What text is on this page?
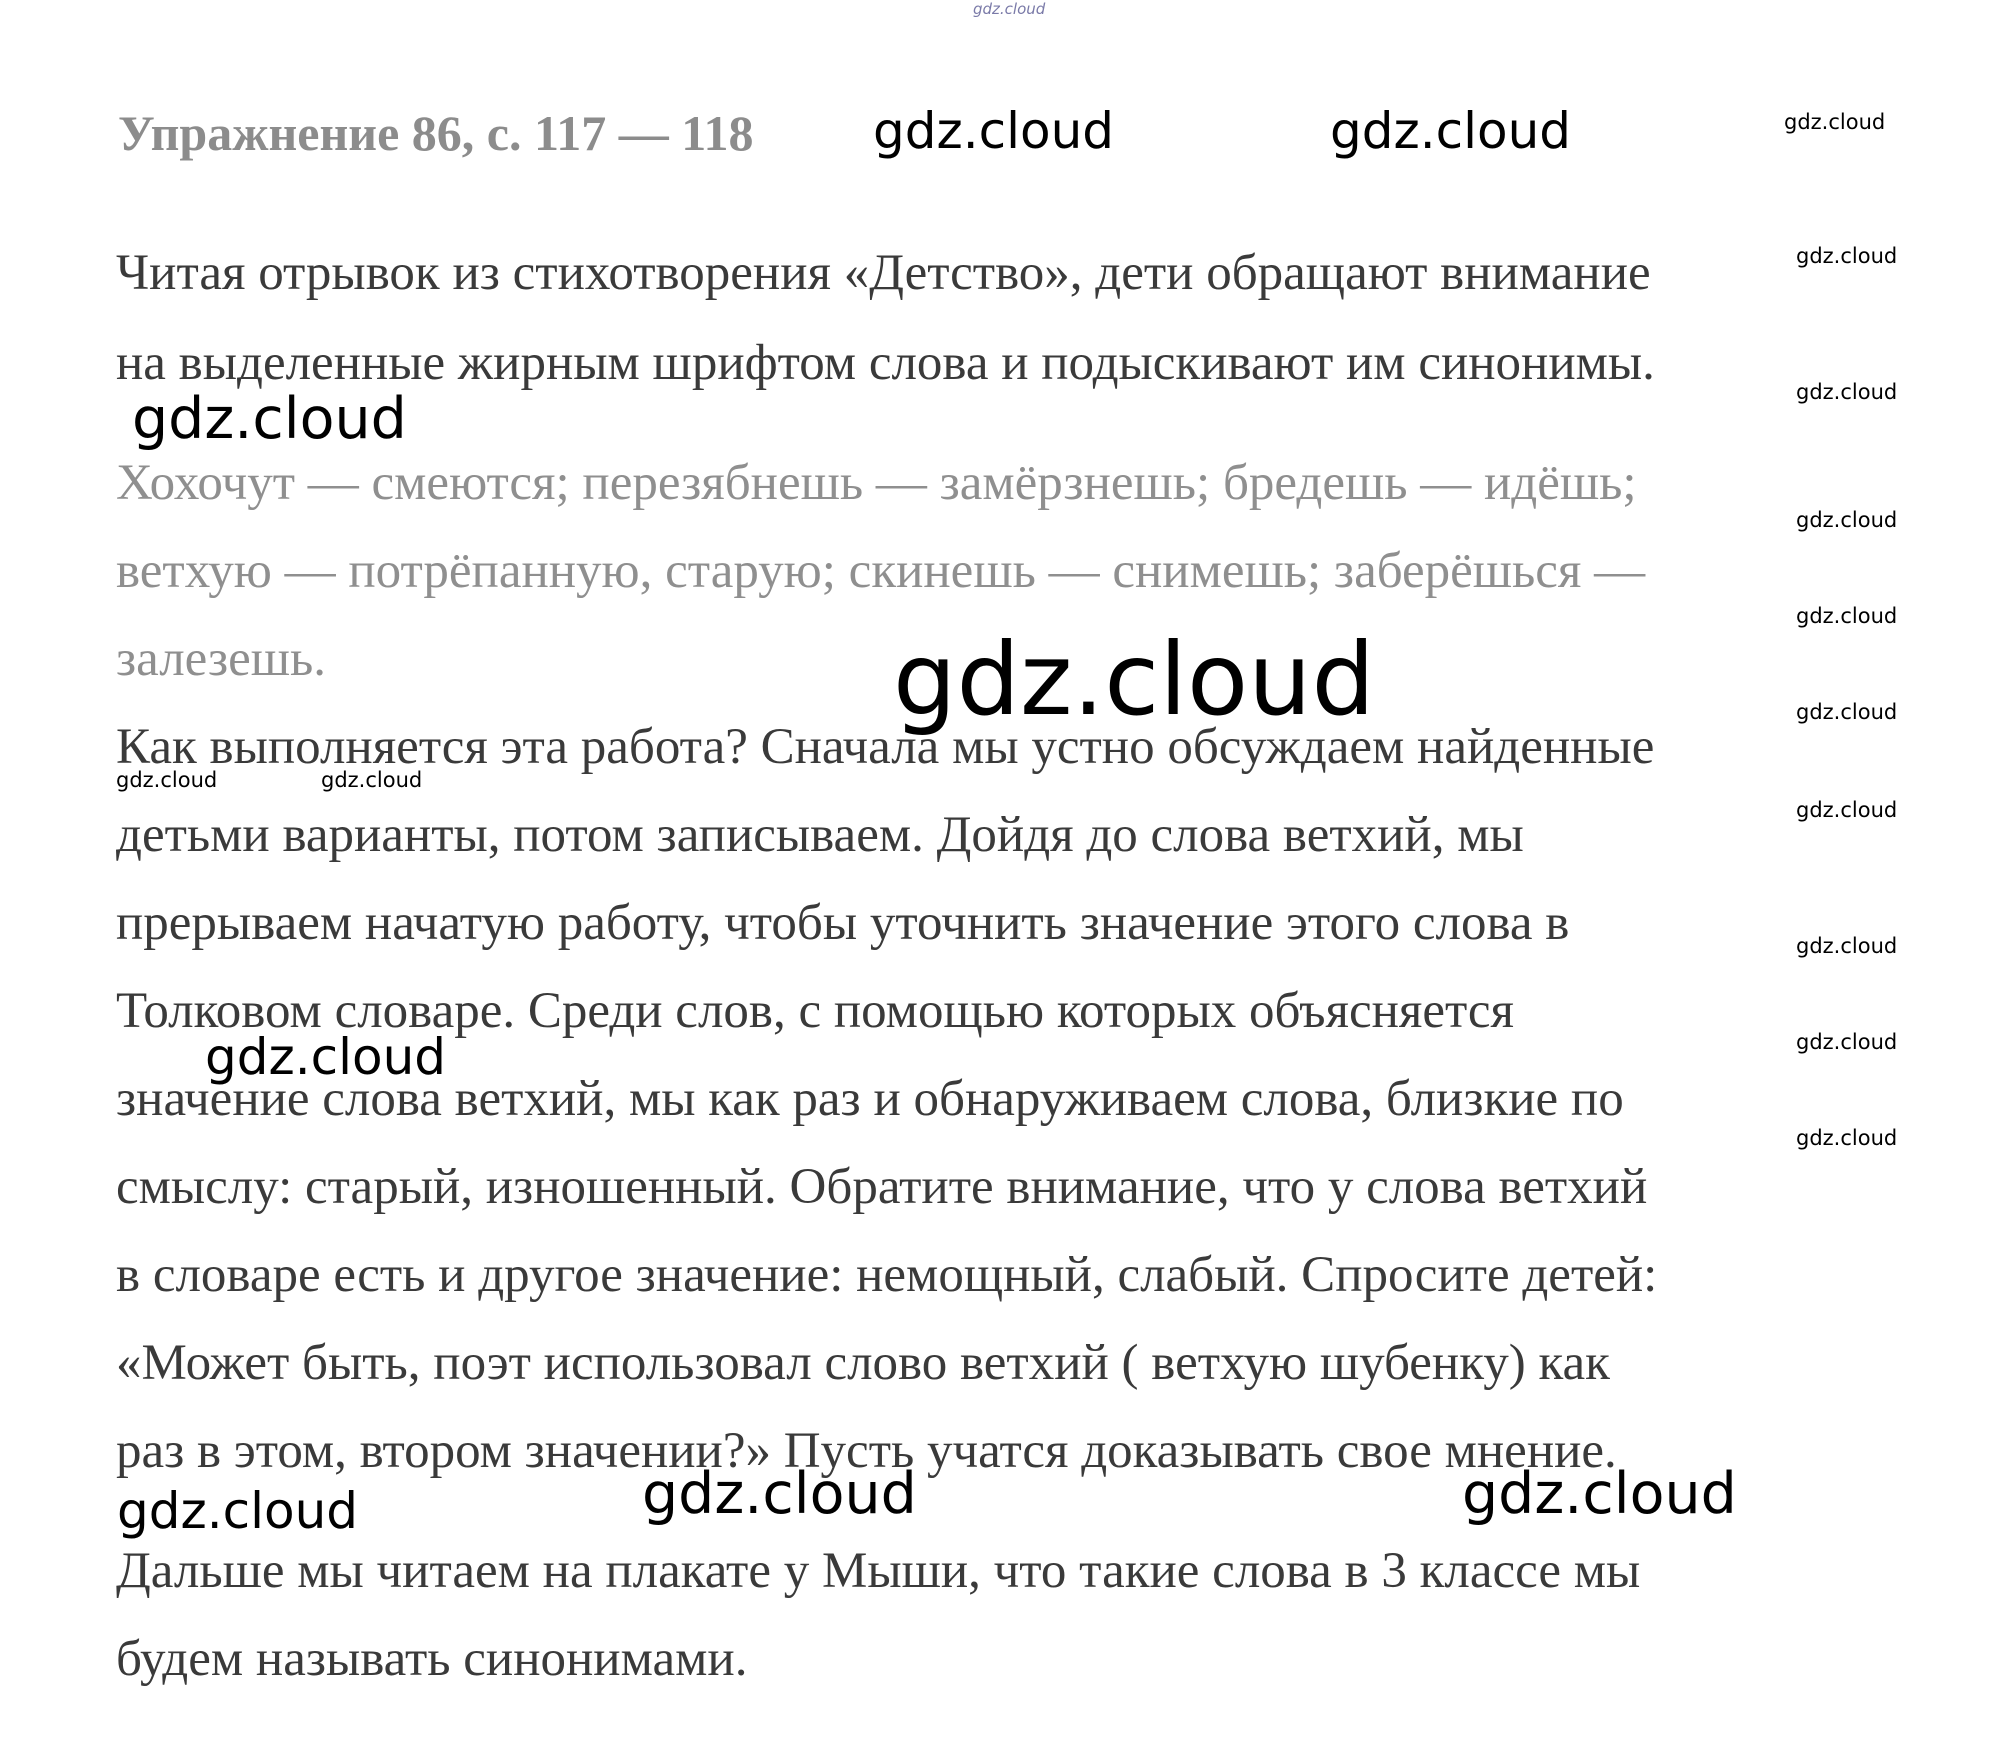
gdz.cloud
Упражнение 86, с. 117 — 118 gdz.cloud	gdz.cloud	gdz.cloud
Читая отрывок из стихотворения «Детство», дети обращают внимание
на выделенные жирным шрифтом слова и подыскивают им синонимы.
Хохочут — смеются; перезябнешь — замёрзнешь; бредешь — идёшь;
ветхую — потрёпанную, старую; скинешь — снимешь; заберёшься —
залезешь.
Как выполняется эта работа? Сначала мы устно обсуждаем найденные
детьми варианты, потом записываем. Дойдя до слова ветхий, мы
прерываем начатую работу, чтобы уточнить значение этого слова в
Толковом словаре. Среди слов, с помощью которых объясняется
значение слова ветхий, мы как раз и обнаруживаем слова, близкие по
смыслу: старый, изношенный. Обратите внимание, что у слова ветхий
в словаре есть и другое значение: немощный, слабый. Спросите детей:
«Может быть, поэт использовал слово ветхий ( ветхую шубенку) как
раз в этом, втором значении?» Пусть учатся доказывать свое мнение.
Дальше мы читаем на плакате у Мыши, что такие слова в 3 классе мы
будем называть синонимами.
gdz.cloud
gdz.cloud
gdz.cloud
gdz.cloud
gdz.cloud
gdz.cloud
gdz.cloud
gdz.cloud
gdz.cloud
gdz.cloud
gdz.cloud
gdz.cloud	gdz.cloud
gdz.cloud
gdz.cloud	gdz.cloud	gdz.cloud
